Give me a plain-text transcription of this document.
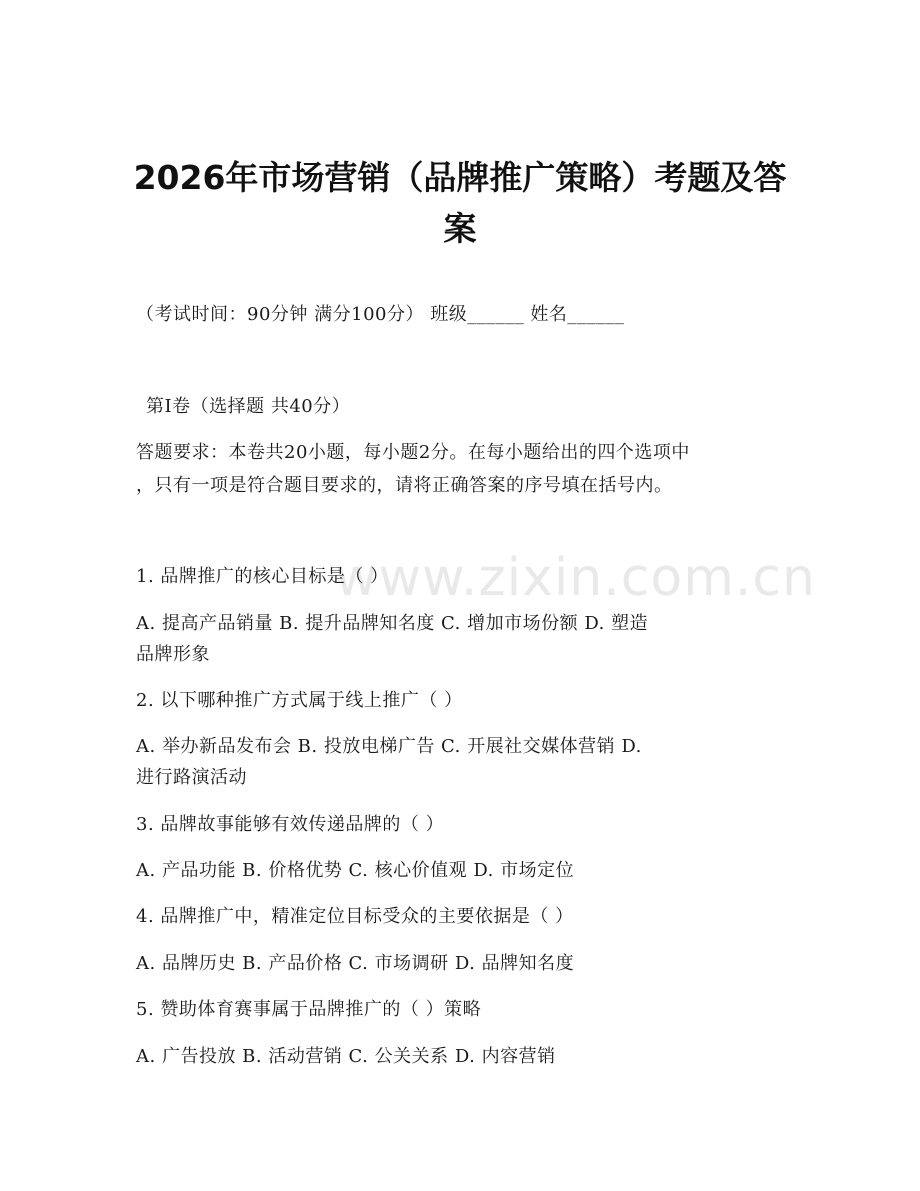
www.zixin.com.cn
2026年市场营销（品牌推广策略）考题及答
案
（考试时间：90分钟 满分100分） 班级______ 姓名______
第Ⅰ卷（选择题 共40分）
答题要求：本卷共20小题，每小题2分。在每小题给出的四个选项中
，只有一项是符合题目要求的，请将正确答案的序号填在括号内。
1. 品牌推广的核心目标是（ ）
A. 提高产品销量 B. 提升品牌知名度 C. 增加市场份额 D. 塑造
品牌形象
2. 以下哪种推广方式属于线上推广（ ）
A. 举办新品发布会 B. 投放电梯广告 C. 开展社交媒体营销 D.
进行路演活动
3. 品牌故事能够有效传递品牌的（ ）
A. 产品功能 B. 价格优势 C. 核心价值观 D. 市场定位
4. 品牌推广中，精准定位目标受众的主要依据是（ ）
A. 品牌历史 B. 产品价格 C. 市场调研 D. 品牌知名度
5. 赞助体育赛事属于品牌推广的（ ）策略
A. 广告投放 B. 活动营销 C. 公关关系 D. 内容营销
